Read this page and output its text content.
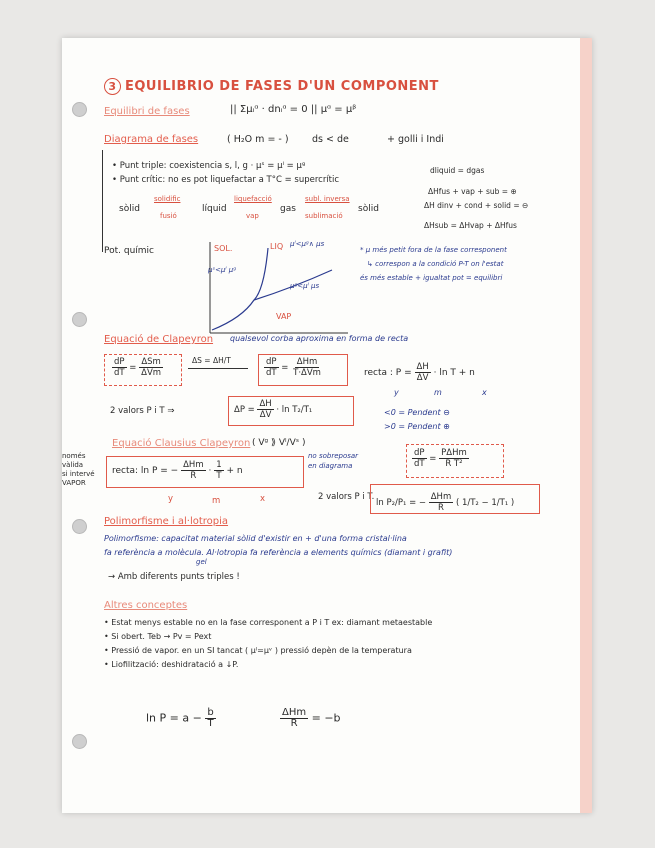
3 EQUILIBRIO DE FASES D'UN COMPONENT
Equilibri de fases	|| Σμᵢᵅ · dnᵢᵅ = 0 || μᵅ = μᵝ
Diagrama de fases	( H₂O m = - ) ds < de	+ golli i Indi
• Punt triple: coexistencia s, l, g · μˢ = μˡ = μᵍ
• Punt crític: no es pot liquefactar a T°C = supercrític
dliquid = dgas
ΔHfus + vap + sub = ⊕
ΔH dinv + cond + solid = ⊖
ΔHsub = ΔHvap + ΔHfus
sòlid
solidific
fusió
líquid
liquefacció
vap
gas
subl. inversa
sublimació
sòlid
Pot. químic	SOL.	LIQ
VAP
μˡ<μᵍ∧ μs
μˢ<μˡ μᵍ
μᵍ<μˡ μs
* μ més petit fora de la fase corresponent
↳ correspon a la condició P-T on l'estat
és més estable + igualtat pot = equilibri
Equació de Clapeyron qualsevol corba aproxima en forma de recta
$\frac{dP}{dT} = \frac{\text{ΔSm}}{\text{ΔVm}}$	ΔS = ΔH/T	$\frac{dP}{dT} = \frac{\text{ΔHm}}{\text{T·ΔVm}}$	recta : $P = \frac{\Delta H}{\Delta V} \cdot \ln T + n$
y	m	x
2 valors P i T ⇒	$\Delta P = \frac{\Delta H}{\Delta V} \cdot \ln T_2/T_1$	<0 = Pendent ⊖
>0 = Pendent ⊕
Equació Clausius Clapeyron ( Vᵍ ⟫ Vˡ/Vˢ )
només
vàlida
si intervé
VAPOR
recta: ln P = − $\frac{\text{ΔHm}}{R} \cdot \frac{1}{T} + n$
no sobreposar
en diagrama
y	m	x
$\frac{dP}{dT} = \frac{\text{PΔHm}}{\text{R T²}}$
2 valors P i T.
ln P₂/P₁ = − $\frac{\text{ΔHm}}{R}$ ( 1/T₂ − 1/T₁ )
Polimorfisme i al·lotropia
Polimorfisme: capacitat material sòlid d'existir en + d'una forma cristal·lina
fa referència a molècula. Al·lotropia fa referència a elements químics (diamant i grafit)
gel
→ Amb diferents punts triples !
Altres conceptes
• Estat menys estable no en la fase corresponent a P i T ex: diamant metaestable
• Si obert. Teb → Pv = Pext
• Pressió de vapor. en un SI tancat ( μˡ=μᵛ ) pressió depèn de la temperatura
• Liofilització: deshidratació a ↓P.
$\ln P = a - \frac{b}{T}$	$\frac{\text{ΔHm}}{R} = -b$
